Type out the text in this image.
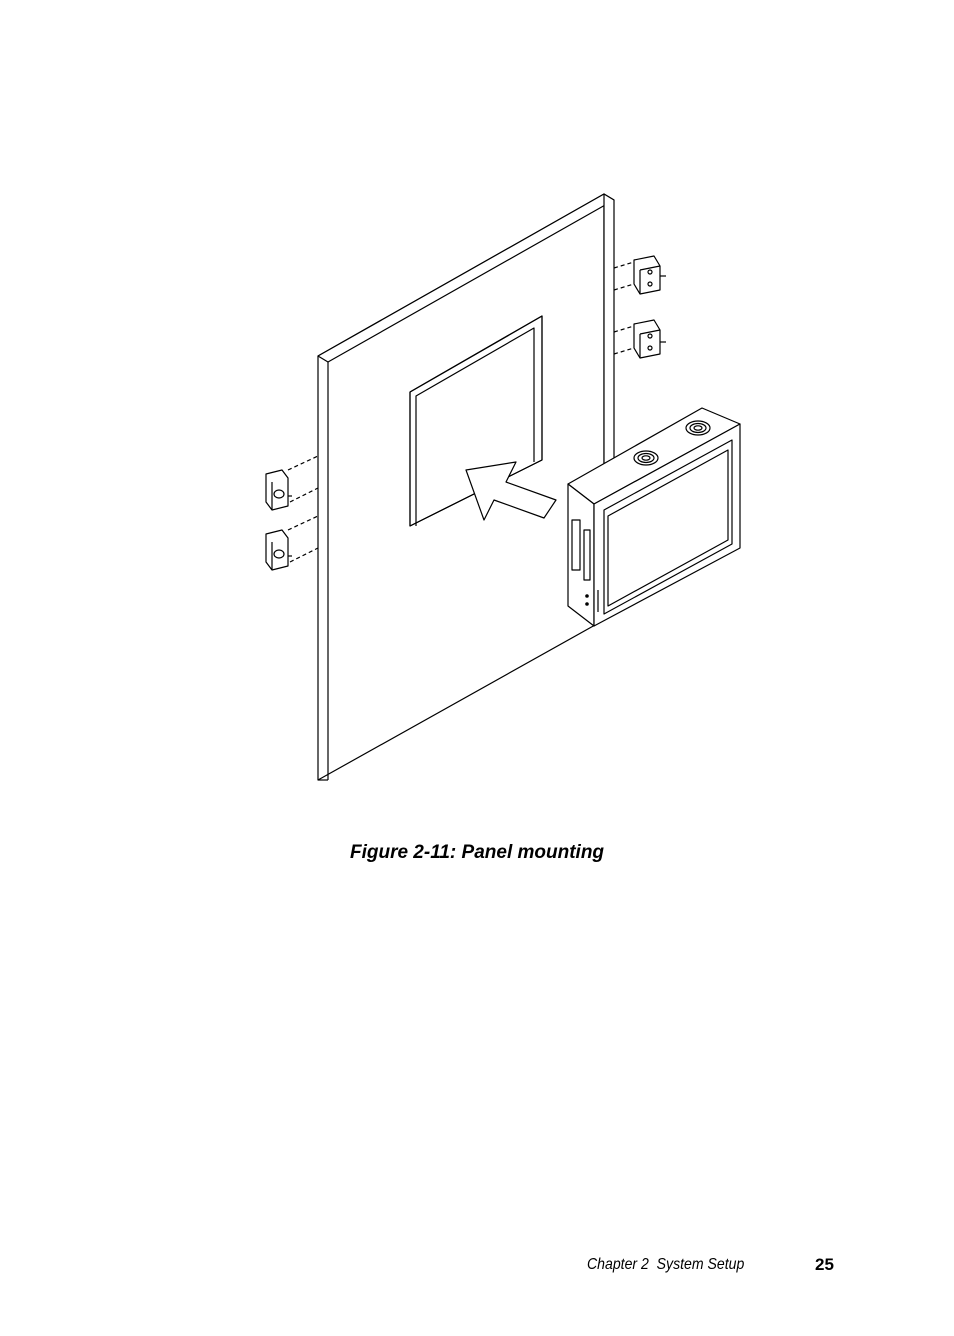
Figure 2-11: Panel mounting
Chapter 2  System Setup	25
